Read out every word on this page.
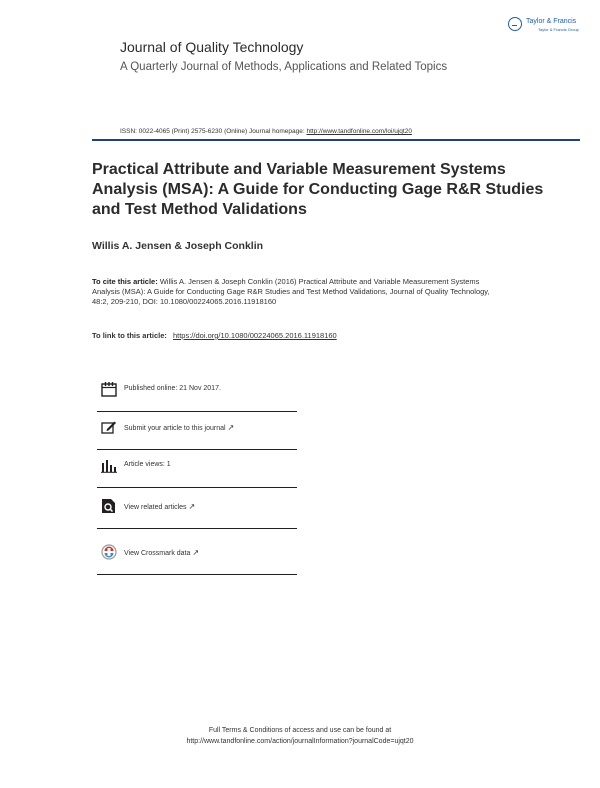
Taylor & Francis
Taylor & Francis Group
Journal of Quality Technology
A Quarterly Journal of Methods, Applications and Related Topics
ISSN: 0022-4065 (Print) 2575-6230 (Online) Journal homepage: http://www.tandfonline.com/loi/ujqt20
Practical Attribute and Variable Measurement Systems Analysis (MSA): A Guide for Conducting Gage R&R Studies and Test Method Validations
Willis A. Jensen & Joseph Conklin
To cite this article: Willis A. Jensen & Joseph Conklin (2016) Practical Attribute and Variable Measurement Systems Analysis (MSA): A Guide for Conducting Gage R&R Studies and Test Method Validations, Journal of Quality Technology, 48:2, 209-210, DOI: 10.1080/00224065.2016.11918160
To link to this article: https://doi.org/10.1080/00224065.2016.11918160
Published online: 21 Nov 2017.
Submit your article to this journal ↗
Article views: 1
View related articles ↗
View Crossmark data ↗
Full Terms & Conditions of access and use can be found at
http://www.tandfonline.com/action/journalInformation?journalCode=ujqt20
